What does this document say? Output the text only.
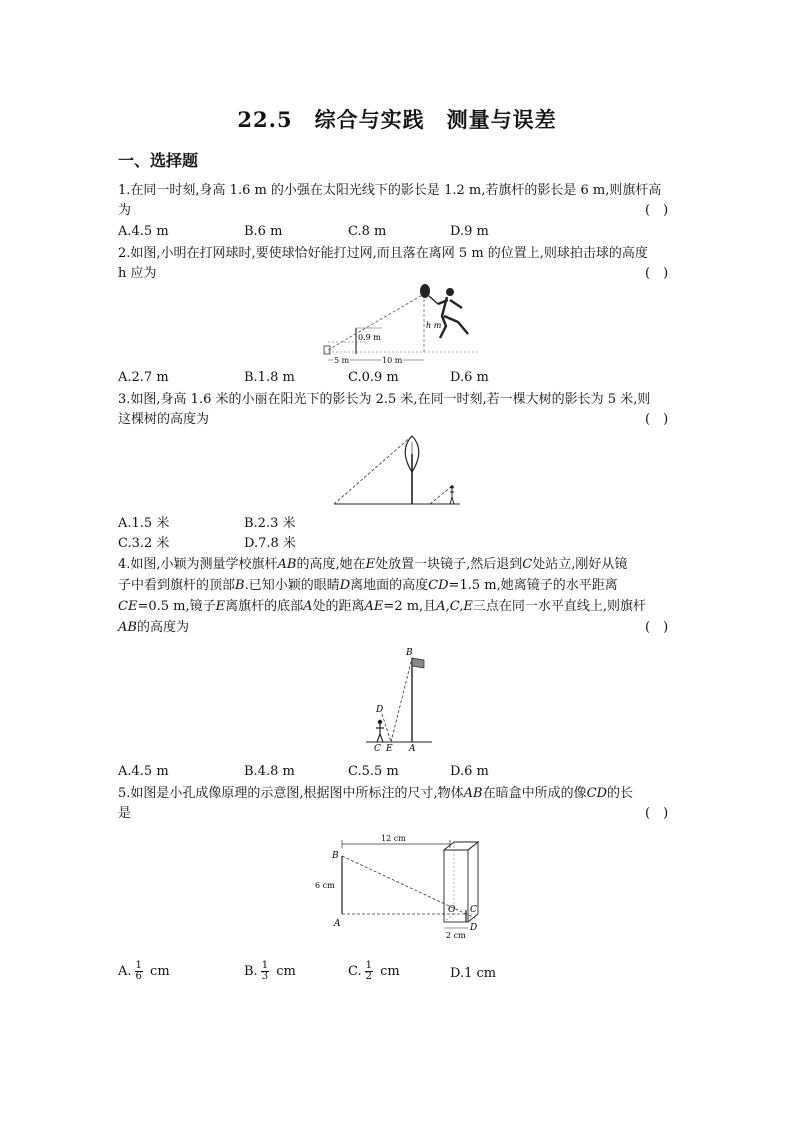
22.5　综合与实践　测量与误差
一、选择题
1.在同一时刻,身高 1.6 m 的小强在太阳光线下的影长是 1.2 m,若旗杆的影长是 6 m,则旗杆高
为	(　)
A.4.5 m	B.6 m	C.8 m	D.9 m
2.如图,小明在打网球时,要使球恰好能打过网,而且落在离网 5 m 的位置上,则球拍击球的高度
h 应为	(　)
0.9 m
h m
5 m	10 m
A.2.7 m	B.1.8 m	C.0.9 m	D.6 m
3.如图,身高 1.6 米的小丽在阳光下的影长为 2.5 米,在同一时刻,若一棵大树的影长为 5 米,则
这棵树的高度为	(　)
A.1.5 米	B.2.3 米
C.3.2 米	D.7.8 米
4.如图,小颖为测量学校旗杆AB的高度,她在E处放置一块镜子,然后退到C处站立,刚好从镜
子中看到旗杆的顶部B.已知小颖的眼睛D离地面的高度CD=1.5 m,她离镜子的水平距离
CE=0.5 m,镜子E离旗杆的底部A处的距离AE=2 m,且A,C,E三点在同一水平直线上,则旗杆
AB的高度为	(　)
B
D
C E A
A.4.5 m	B.4.8 m	C.5.5 m	D.6 m
5.如图是小孔成像原理的示意图,根据图中所标注的尺寸,物体AB在暗盒中所成的像CD的长
是	(　)
12 cm
6 cm
B
A
2 cm
O C
D
A. $\frac{1}{6}$ cm	B. $\frac{1}{3}$ cm	C. $\frac{1}{2}$ cm	D.1 cm
